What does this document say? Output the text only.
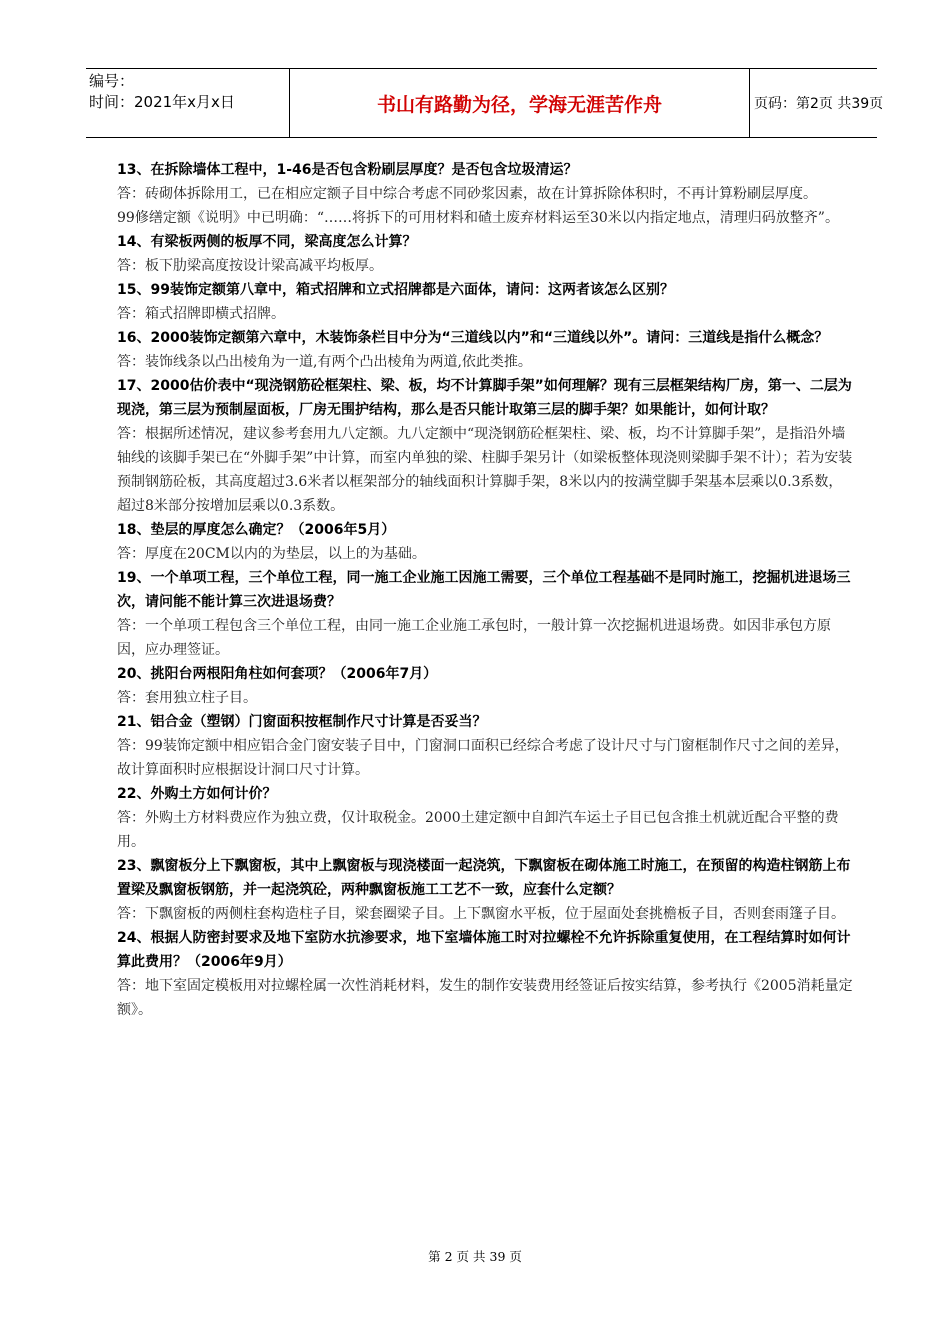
编号：
时间：2021年x月x日	书山有路勤为径，学海无涯苦作舟	页码：第2页 共39页

13、在拆除墙体工程中，1-46是否包含粉刷层厚度？是否包含垃圾清运？

答：砖砌体拆除用工，已在相应定额子目中综合考虑不同砂浆因素，故在计算拆除体积时，不再计算粉刷层厚度。

99修缮定额《说明》中已明确：“……将拆下的可用材料和碴土废弃材料运至30米以内指定地点，清理归码放整齐”。

14、有梁板两侧的板厚不同，梁高度怎么计算？

答：板下肋梁高度按设计梁高减平均板厚。

15、99装饰定额第八章中，箱式招牌和立式招牌都是六面体，请问：这两者该怎么区别？

答：箱式招牌即横式招牌。

16、2000装饰定额第六章中，木装饰条栏目中分为“三道线以内”和“三道线以外”。请问：三道线是指什么概念？

答：装饰线条以凸出棱角为一道,有两个凸出棱角为两道,依此类推。

17、2000估价表中“现浇钢筋砼框架柱、梁、板，均不计算脚手架”如何理解？现有三层框架结构厂房，第一、二层为现浇，第三层为预制屋面板，厂房无围护结构，那么是否只能计取第三层的脚手架？如果能计，如何计取？

答：根据所述情况，建议参考套用九八定额。九八定额中“现浇钢筋砼框架柱、梁、板，均不计算脚手架”，是指沿外墙轴线的该脚手架已在“外脚手架”中计算，而室内单独的梁、柱脚手架另计（如梁板整体现浇则梁脚手架不计）；若为安装预制钢筋砼板，其高度超过3.6米者以框架部分的轴线面积计算脚手架，8米以内的按满堂脚手架基本层乘以0.3系数，超过8米部分按增加层乘以0.3系数。

18、垫层的厚度怎么确定？（2006年5月）

答：厚度在20CM以内的为垫层，以上的为基础。

19、一个单项工程，三个单位工程，同一施工企业施工因施工需要，三个单位工程基础不是同时施工，挖掘机进退场三次，请问能不能计算三次进退场费？

答：一个单项工程包含三个单位工程，由同一施工企业施工承包时，一般计算一次挖掘机进退场费。如因非承包方原因，应办理签证。

20、挑阳台两根阳角柱如何套项？（2006年7月）

答：套用独立柱子目。

21、铝合金（塑钢）门窗面积按框制作尺寸计算是否妥当？

答：99装饰定额中相应铝合金门窗安装子目中，门窗洞口面积已经综合考虑了设计尺寸与门窗框制作尺寸之间的差异，故计算面积时应根据设计洞口尺寸计算。

22、外购土方如何计价？

答：外购土方材料费应作为独立费，仅计取税金。2000土建定额中自卸汽车运土子目已包含推土机就近配合平整的费用。

23、飘窗板分上下飘窗板，其中上飘窗板与现浇楼面一起浇筑，下飘窗板在砌体施工时施工，在预留的构造柱钢筋上布置梁及飘窗板钢筋，并一起浇筑砼，两种飘窗板施工工艺不一致，应套什么定额？

答：下飘窗板的两侧柱套构造柱子目，梁套圈梁子目。上下飘窗水平板，位于屋面处套挑檐板子目，否则套雨篷子目。

24、根据人防密封要求及地下室防水抗渗要求，地下室墙体施工时对拉螺栓不允许拆除重复使用，在工程结算时如何计算此费用？（2006年9月）

答：地下室固定模板用对拉螺栓属一次性消耗材料，发生的制作安装费用经签证后按实结算，参考执行《2005消耗量定额》。

第 2 页 共 39 页
